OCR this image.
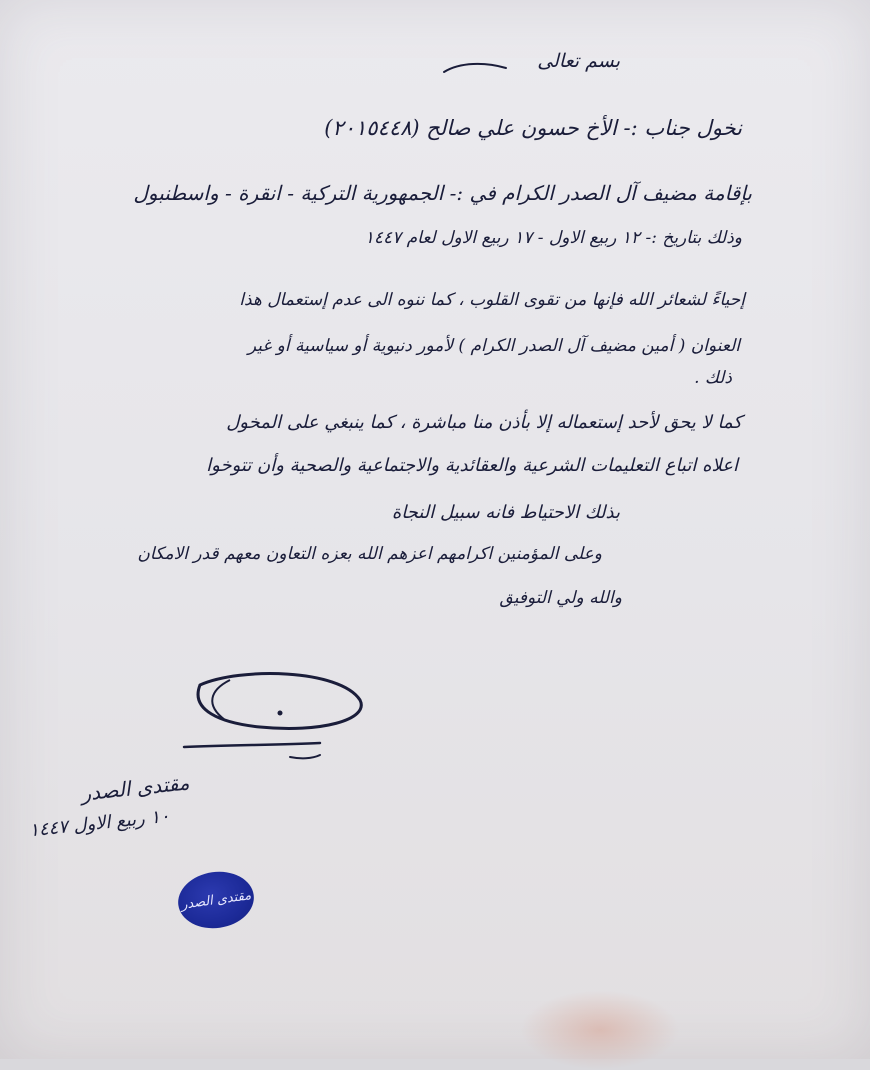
بسم تعالى
نخول جناب :- الأخ حسون علي صالح (٢٠١٥٤٤٨)
بإقامة مضيف آل الصدر الكرام في :- الجمهورية التركية - انقرة - واسطنبول
وذلك بتاريخ :- ١٢ ربيع الاول - ١٧ ربيع الاول لعام ١٤٤٧
إحياءً لشعائر الله فإنها من تقوى القلوب ، كما ننوه الى عدم إستعمال هذا
العنوان ( أمين مضيف آل الصدر الكرام ) لأمور دنيوية أو سياسية أو غير
ذلك .
كما لا يحق لأحد إستعماله إلا بأذن منا مباشرة ، كما ينبغي على المخول
اعلاه اتباع التعليمات الشرعية والعقائدية والاجتماعية والصحية وأن تتوخوا
بذلك الاحتياط فانه سبيل النجاة
وعلى المؤمنين اكرامهم اعزهم الله بعزه التعاون معهم قدر الامكان
والله ولي التوفيق
مقتدى الصدر
١٠ ربيع الاول ١٤٤٧
مقتدى الصدر
